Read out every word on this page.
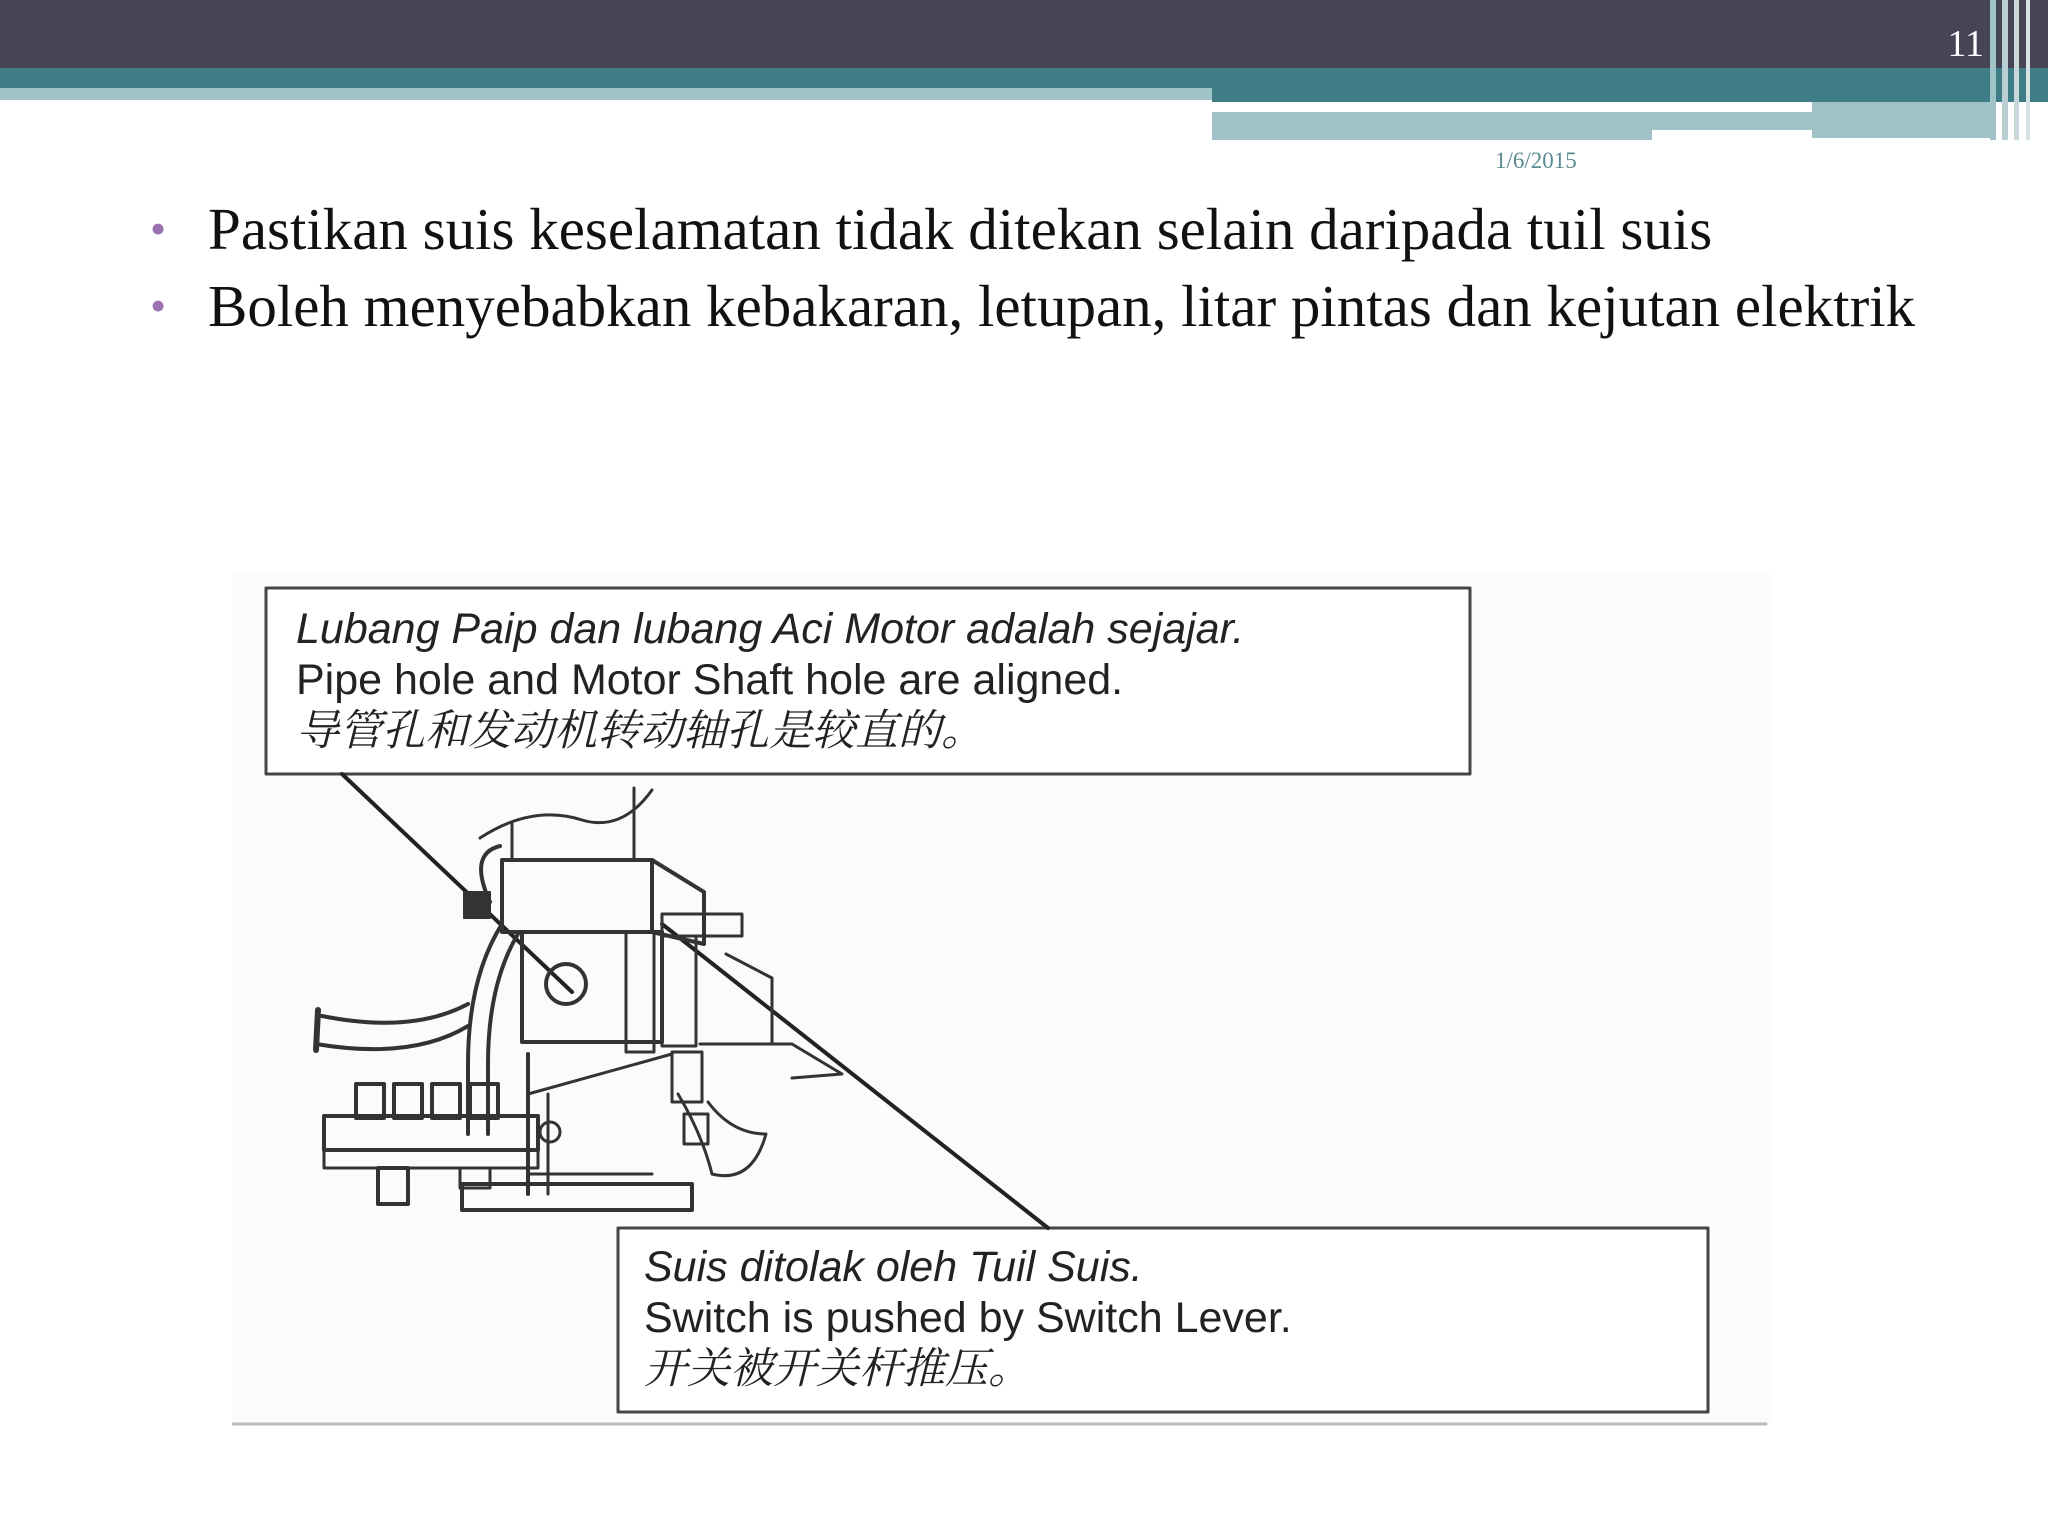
11
1/6/2015
• Pastikan suis keselamatan tidak ditekan selain daripada tuil suis
• Boleh menyebabkan kebakaran, letupan, litar pintas dan kejutan elektrik
Lubang Paip dan lubang Aci Motor adalah sejajar.
Pipe hole and Motor Shaft hole are aligned.
导管孔和发动机转动轴孔是较直的。
Suis ditolak oleh Tuil Suis.
Switch is pushed by Switch Lever.
开关被开关杆推压。
